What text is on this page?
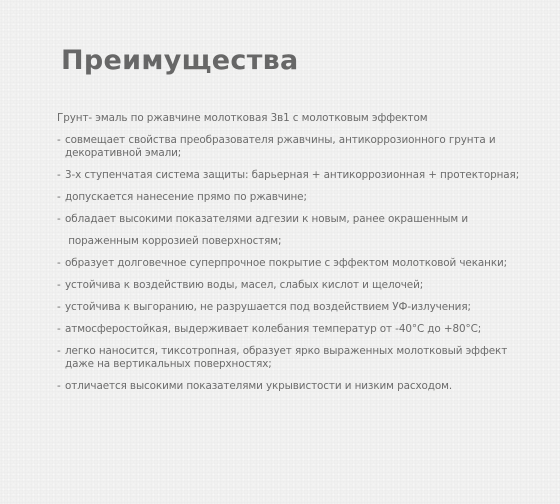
Преимущества

Грунт- эмаль по ржавчине молотковая 3в1 с молотковым эффектом

- совмещает свойства преобразователя ржавчины, антикоррозионного грунта и
декоративной эмали;
- 3-х ступенчатая система защиты: барьерная + антикоррозионная + протекторная;
- допускается нанесение прямо по ржавчине;
- обладает высокими показателями адгезии к новым, ранее окрашенным и
пораженным коррозией поверхностям;
- образует долговечное суперпрочное покрытие с эффектом молотковой чеканки;
- устойчива к воздействию воды, масел, слабых кислот и щелочей;
- устойчива к выгоранию, не разрушается под воздействием УФ-излучения;
- атмосферостойкая, выдерживает колебания температур от -40°С до +80°С;
- легко наносится, тиксотропная, образует ярко выраженных молотковый эффект
даже на вертикальных поверхностях;
- отличается высокими показателями укрывистости и низким расходом.
